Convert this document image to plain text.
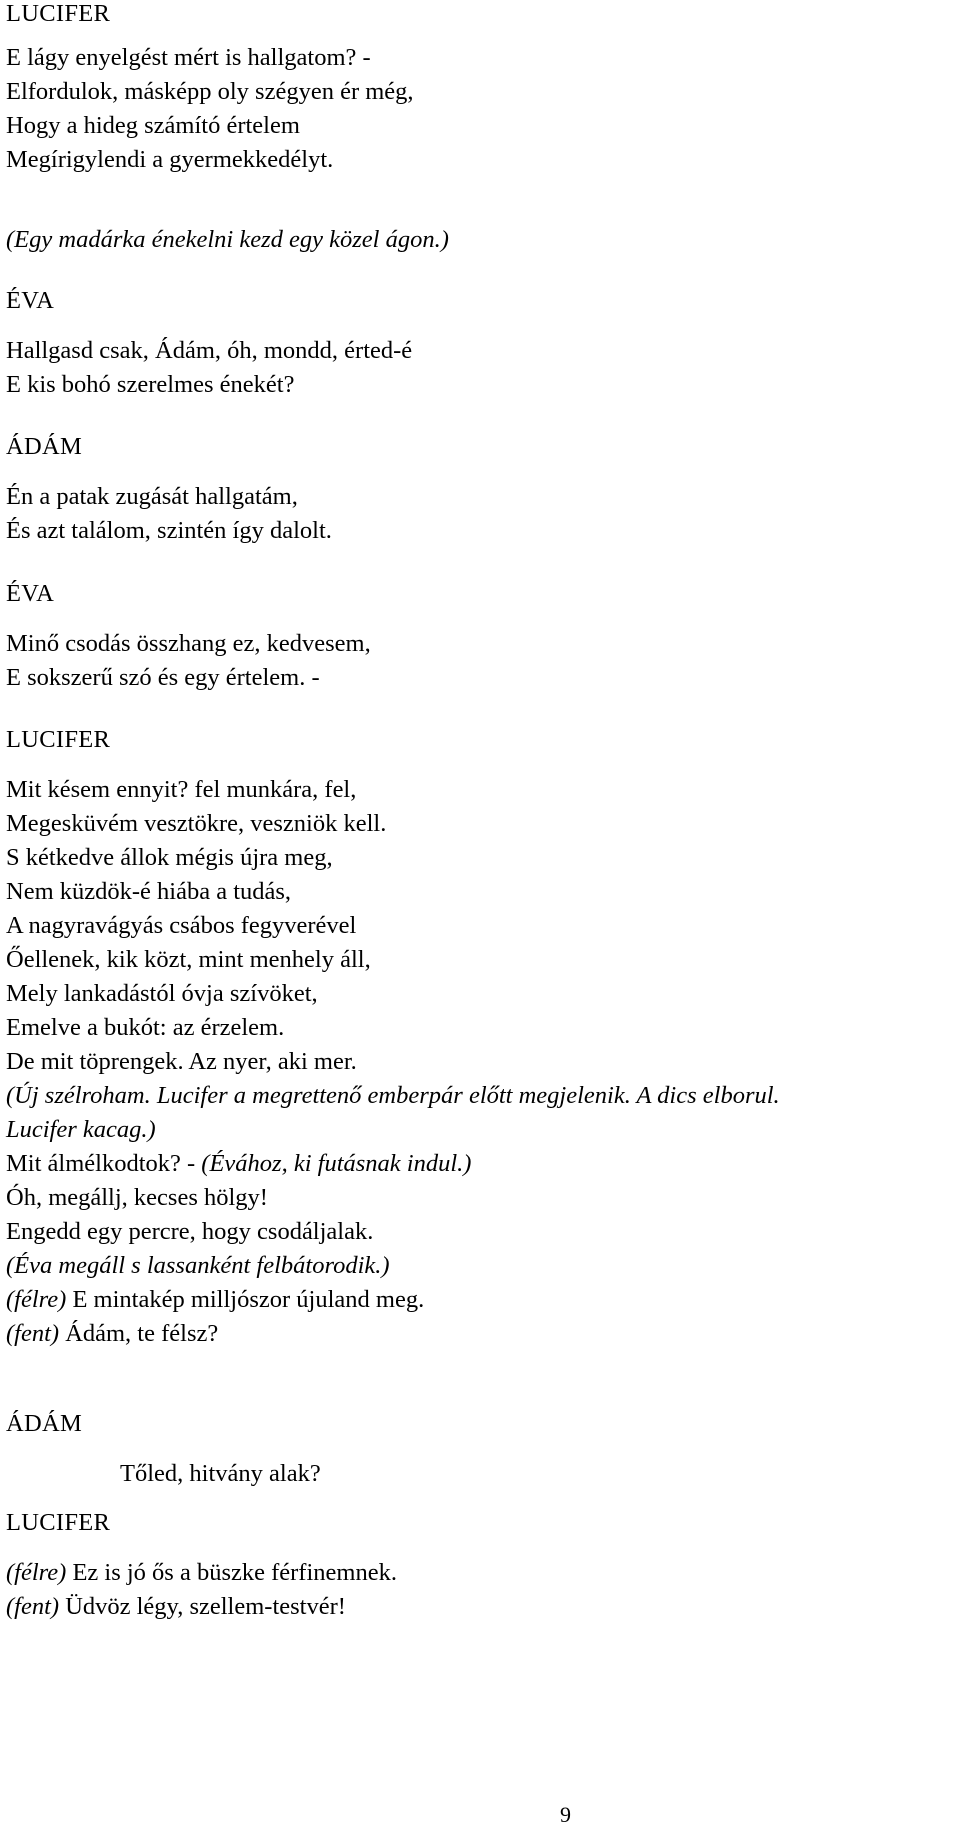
LUCIFER

E lágy enyelgést mért is hallgatom? -

Elfordulok, másképp oly szégyen ér még,

Hogy a hideg számító értelem

Megírigylendi a gyermekkedélyt.

(Egy madárka énekelni kezd egy közel ágon.)

ÉVA

Hallgasd csak, Ádám, óh, mondd, érted-é

E kis bohó szerelmes énekét?

ÁDÁM

Én a patak zugását hallgatám,

És azt találom, szintén így dalolt.

ÉVA

Minő csodás összhang ez, kedvesem,

E sokszerű szó és egy értelem. -

LUCIFER

Mit késem ennyit? fel munkára, fel,

Megesküvém vesztökre, veszniök kell.

S kétkedve állok mégis újra meg,

Nem küzdök-é hiába a tudás,

A nagyravágyás csábos fegyverével

Őellenek, kik közt, mint menhely áll,

Mely lankadástól óvja szívöket,

Emelve a bukót: az érzelem.

De mit töprengek. Az nyer, aki mer.

(Új szélroham. Lucifer a megrettenő emberpár előtt megjelenik. A dics elborul.

Lucifer kacag.)

Mit álmélkodtok? - (Évához, ki futásnak indul.)

Óh, megállj, kecses hölgy!

Engedd egy percre, hogy csodáljalak.

(Éva megáll s lassanként felbátorodik.)

(félre) E mintakép milljószor újuland meg.

(fent) Ádám, te félsz?

ÁDÁM

Tőled, hitvány alak?

LUCIFER

(félre) Ez is jó ős a büszke férfinemnek.

(fent) Üdvöz légy, szellem-testvér!

9
